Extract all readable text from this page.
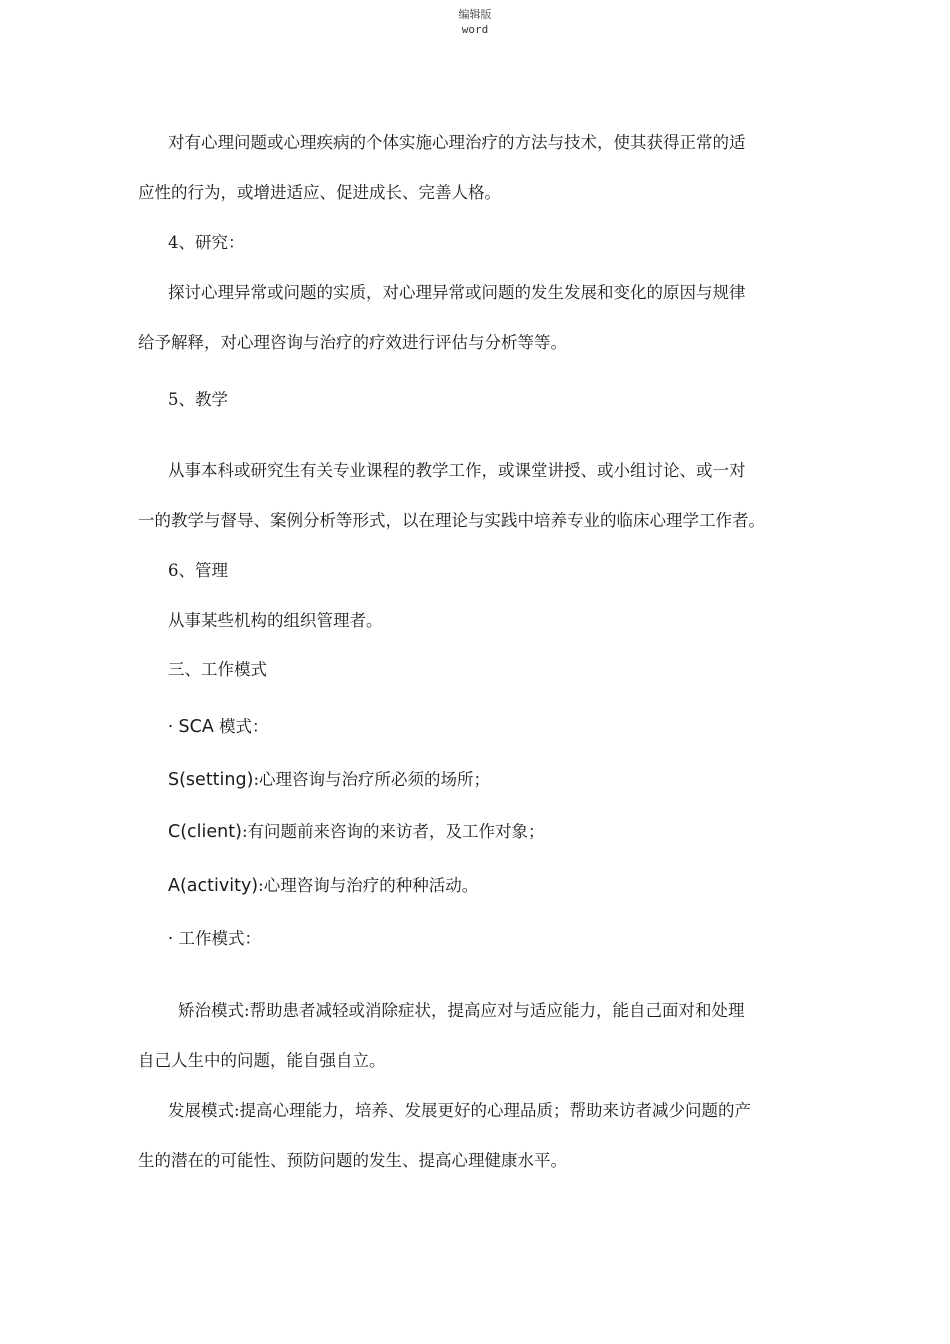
编辑版
word
对有心理问题或心理疾病的个体实施心理治疗的方法与技术，使其获得正常的适
应性的行为，或增进适应、促进成长、完善人格。
4、研究：
探讨心理异常或问题的实质，对心理异常或问题的发生发展和变化的原因与规律
给予解释，对心理咨询与治疗的疗效进行评估与分析等等。
5、教学
从事本科或研究生有关专业课程的教学工作，或课堂讲授、或小组讨论、或一对
一的教学与督导、案例分析等形式，以在理论与实践中培养专业的临床心理学工作者。
6、管理
从事某些机构的组织管理者。
三、工作模式
· SCA 模式：
S(setting):心理咨询与治疗所必须的场所；
C(client):有问题前来咨询的来访者，及工作对象；
A(activity):心理咨询与治疗的种种活动。
· 工作模式：
矫治模式:帮助患者减轻或消除症状，提高应对与适应能力，能自己面对和处理
自己人生中的问题，能自强自立。
发展模式:提高心理能力，培养、发展更好的心理品质；帮助来访者减少问题的产
生的潜在的可能性、预防问题的发生、提高心理健康水平。
